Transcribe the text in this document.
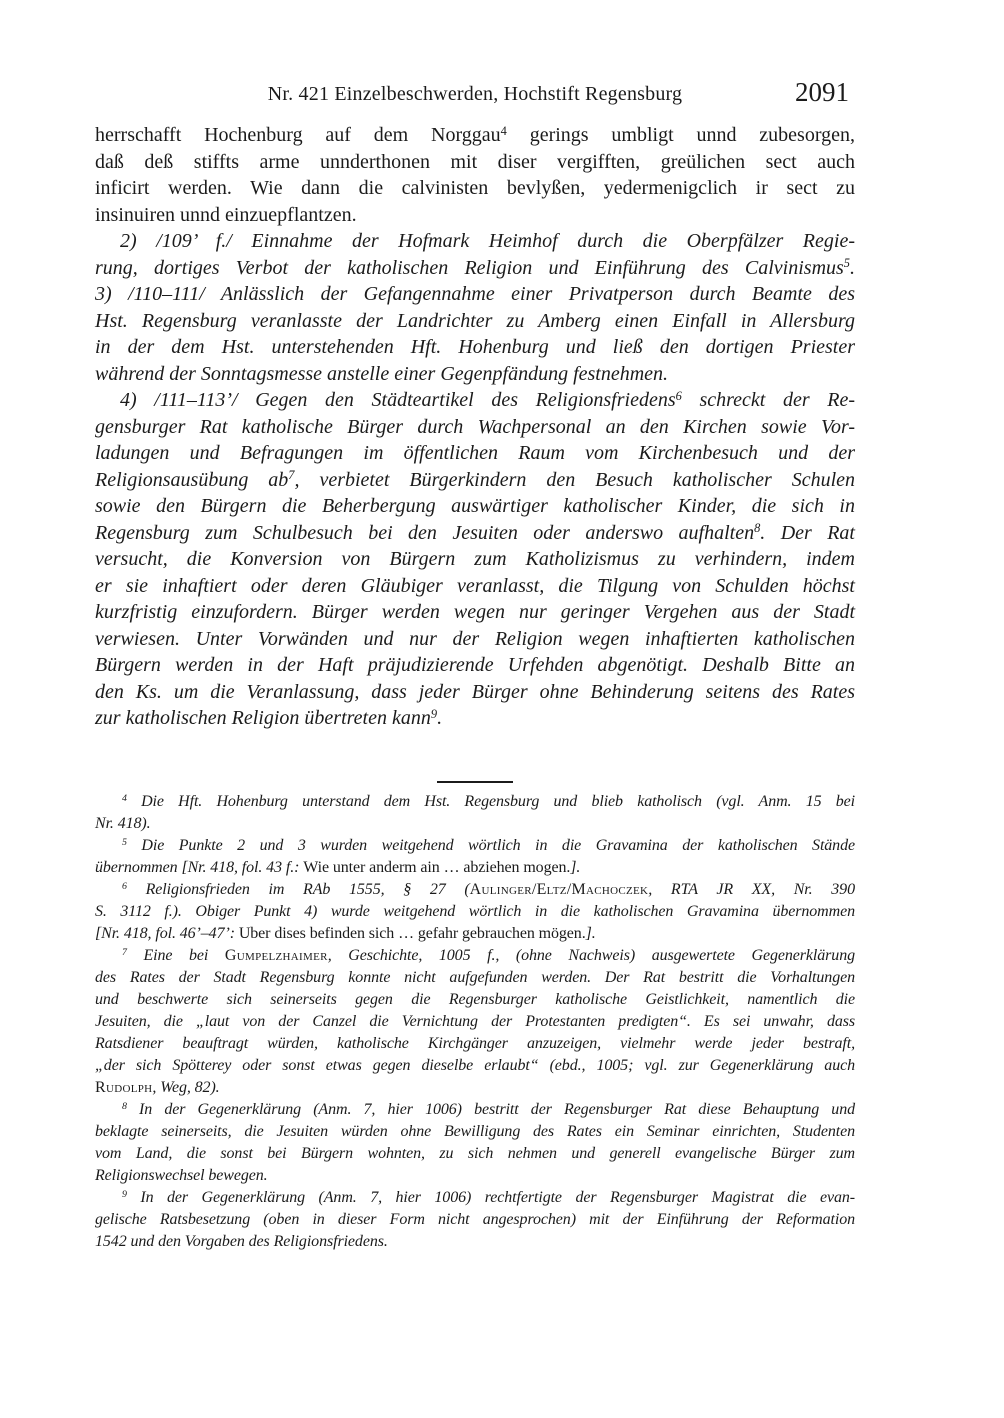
Nr. 421 Einzelbeschwerden, Hochstift Regensburg	2091
herrschafft Hochenburg auf dem Norggau$^4$ gerings umbligt unnd zubesorgen,
daß deß stiffts arme unnderthonen mit diser vergifften, greülichen sect auch
inficirt werden. Wie dann die calvinisten bevlyßen, yedermenigclich ir sect zu
insinuiren unnd einzuepflantzen.
2) /109’ f./ Einnahme der Hofmark Heimhof durch die Oberpfälzer Regie-
rung, dortiges Verbot der katholischen Religion und Einführung des Calvinismus$^5$.
3) /110–111/ Anlässlich der Gefangennahme einer Privatperson durch Beamte des
Hst. Regensburg veranlasste der Landrichter zu Amberg einen Einfall in Allersburg
in der dem Hst. unterstehenden Hft. Hohenburg und ließ den dortigen Priester
während der Sonntagsmesse anstelle einer Gegenpfändung festnehmen.
4) /111–113’/ Gegen den Städteartikel des Religionsfriedens$^6$ schreckt der Re-
gensburger Rat katholische Bürger durch Wachpersonal an den Kirchen sowie Vor-
ladungen und Befragungen im öffentlichen Raum vom Kirchenbesuch und der
Religionsausübung $ab^7$, verbietet Bürgerkindern den Besuch katholischer Schulen
sowie den Bürgern die Beherbergung auswärtiger katholischer Kinder, die sich in
Regensburg zum Schulbesuch bei den Jesuiten oder anderswo aufhalten$^8$. Der Rat
versucht, die Konversion von Bürgern zum Katholizismus zu verhindern, indem
er sie inhaftiert oder deren Gläubiger veranlasst, die Tilgung von Schulden höchst
kurzfristig einzufordern. Bürger werden wegen nur geringer Vergehen aus der Stadt
verwiesen. Unter Vorwänden und nur der Religion wegen inhaftierten katholischen
Bürgern werden in der Haft präjudizierende Urfehden abgenötigt. Deshalb Bitte an
den Ks. um die Veranlassung, dass jeder Bürger ohne Behinderung seitens des Rates
zur katholischen Religion übertreten kann$^9$.
$^4$ Die Hft. Hohenburg unterstand dem Hst. Regensburg und blieb katholisch (vgl. Anm. 15 bei
Nr. 418).
$^5$ Die Punkte 2 und 3 wurden weitgehend wörtlich in die Gravamina der katholischen Stände
übernommen [Nr. 418, fol. 43 f.: Wie unter anderm ain … abziehen mogen.].
$^6$ Religionsfrieden im RAb 1555, § 27 (Aulinger/Eltz/Machoczek, RTA JR XX, Nr. 390
S. 3112 f.). Obiger Punkt 4) wurde weitgehend wörtlich in die katholischen Gravamina übernommen
[Nr. 418, fol. 46’–47’: Uber dises befinden sich … gefahr gebrauchen mögen.].
$^7$ Eine bei Gumpelzhaimer, Geschichte, 1005 f., (ohne Nachweis) ausgewertete Gegenerklärung
des Rates der Stadt Regensburg konnte nicht aufgefunden werden. Der Rat bestritt die Vorhaltungen
und beschwerte sich seinerseits gegen die Regensburger katholische Geistlichkeit, namentlich die
Jesuiten, die „laut von der Canzel die Vernichtung der Protestanten predigten“. Es sei unwahr, dass
Ratsdiener beauftragt würden, katholische Kirchgänger anzuzeigen, vielmehr werde jeder bestraft,
„der sich Spötterey oder sonst etwas gegen dieselbe erlaubt“ (ebd., 1005; vgl. zur Gegenerklärung auch
Rudolph, Weg, 82).
$^8$ In der Gegenerklärung (Anm. 7, hier 1006) bestritt der Regensburger Rat diese Behauptung und
beklagte seinerseits, die Jesuiten würden ohne Bewilligung des Rates ein Seminar einrichten, Studenten
vom Land, die sonst bei Bürgern wohnten, zu sich nehmen und generell evangelische Bürger zum
Religionswechsel bewegen.
$^9$ In der Gegenerklärung (Anm. 7, hier 1006) rechtfertigte der Regensburger Magistrat die evan-
gelische Ratsbesetzung (oben in dieser Form nicht angesprochen) mit der Einführung der Reformation
1542 und den Vorgaben des Religionsfriedens.
